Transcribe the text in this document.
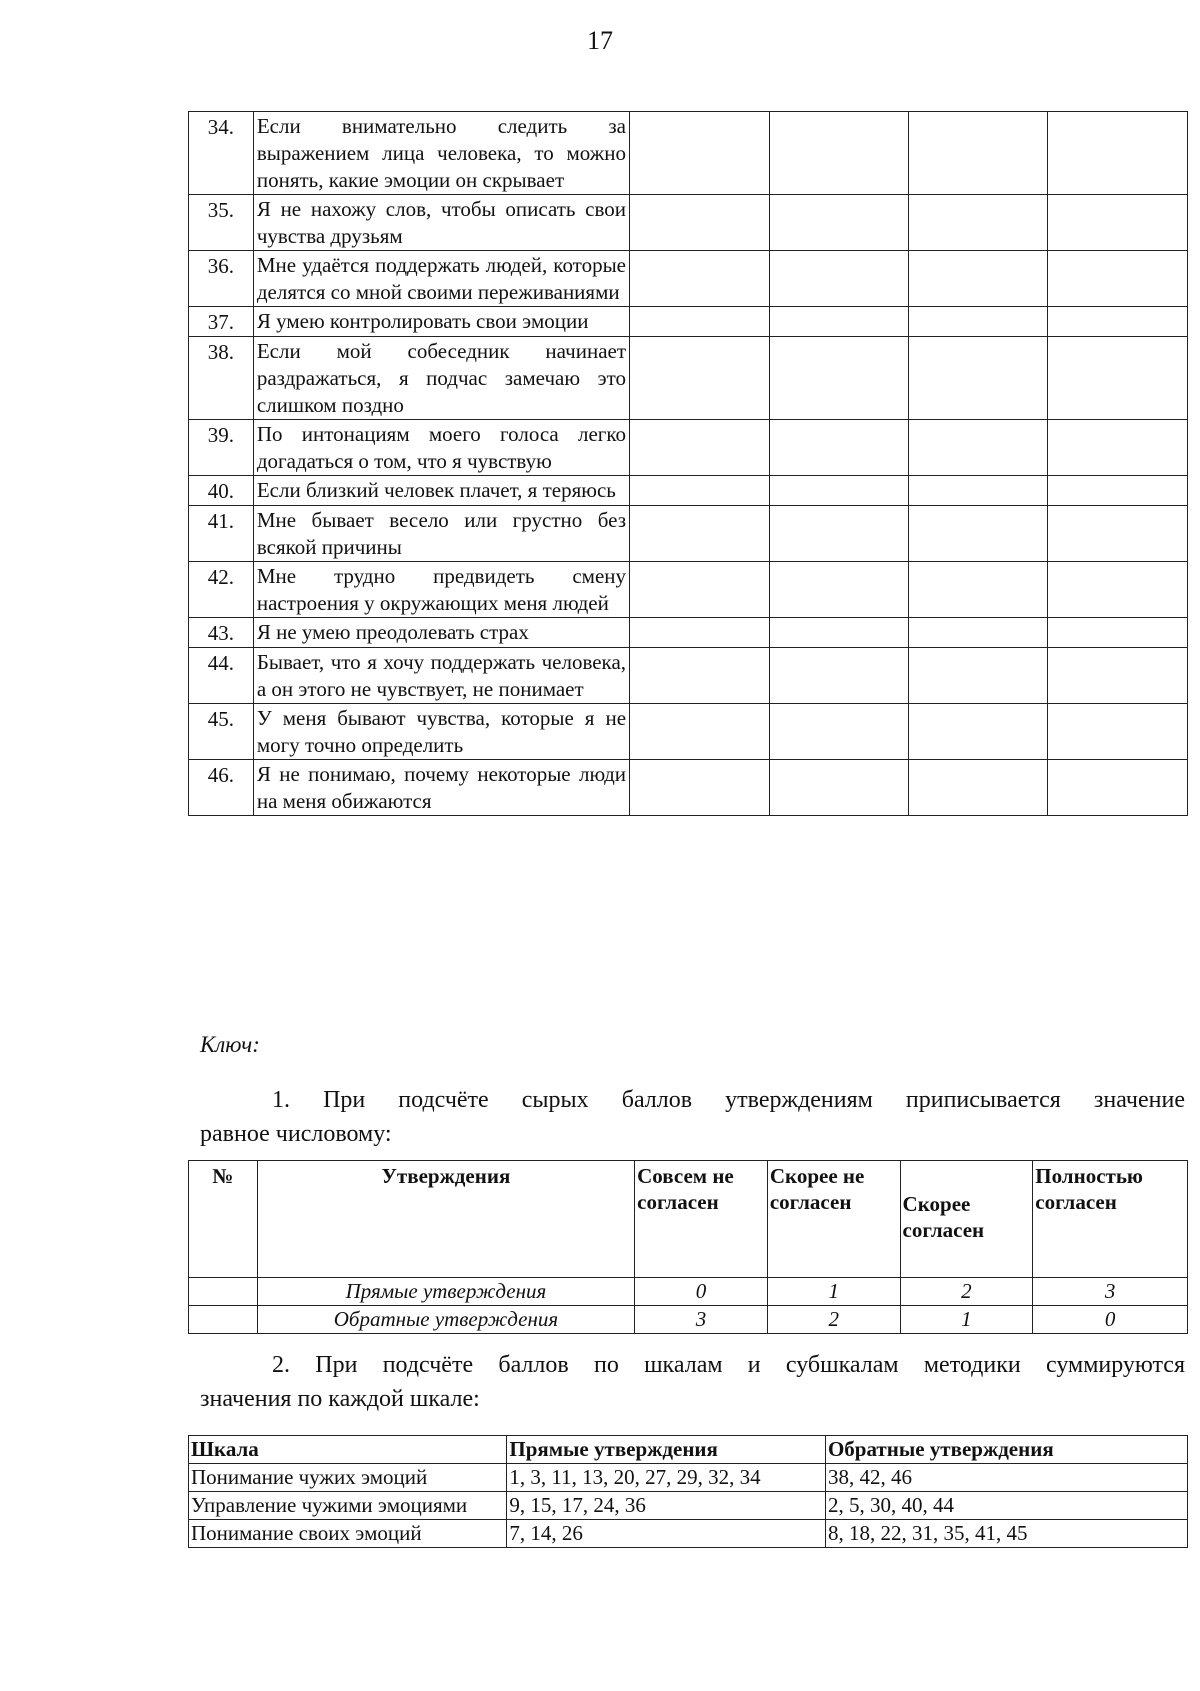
17
34.	Если внимательно следить за выражением лица человека, то можно понять, какие эмоции он скрывает				
35.	Я не нахожу слов, чтобы описать свои чувства друзьям				
36.	Мне удаётся поддержать людей, которые делятся со мной своими переживаниями				
37.	Я умею контролировать свои эмоции				
38.	Если мой собеседник начинает раздражаться, я подчас замечаю это слишком поздно				
39.	По интонациям моего голоса легко догадаться о том, что я чувствую				
40.	Если близкий человек плачет, я теряюсь				
41.	Мне бывает весело или грустно без всякой причины				
42.	Мне трудно предвидеть смену настроения у окружающих меня людей				
43.	Я не умею преодолевать страх				
44.	Бывает, что я хочу поддержать человека, а он этого не чувствует, не понимает				
45.	У меня бывают чувства, которые я не могу точно определить				
46.	Я не понимаю, почему некоторые люди на меня обижаются				
Ключ:
1. При подсчёте сырых баллов утверждениям приписывается значение
равное числовому:
№	Утверждения	Совсем не согласен	Скорее не согласен	Скорее согласен	Полностью согласен
	Прямые утверждения	0	1	2	3
	Обратные утверждения	3	2	1	0
2. При подсчёте баллов по шкалам и субшкалам методики суммируются
значения по каждой шкале:
Шкала	Прямые утверждения	Обратные утверждения
Понимание чужих эмоций	1, 3, 11, 13, 20, 27, 29, 32, 34	38, 42, 46
Управление чужими эмоциями	9, 15, 17, 24, 36	2, 5, 30, 40, 44
Понимание своих эмоций	7, 14, 26	8, 18, 22, 31, 35, 41, 45
